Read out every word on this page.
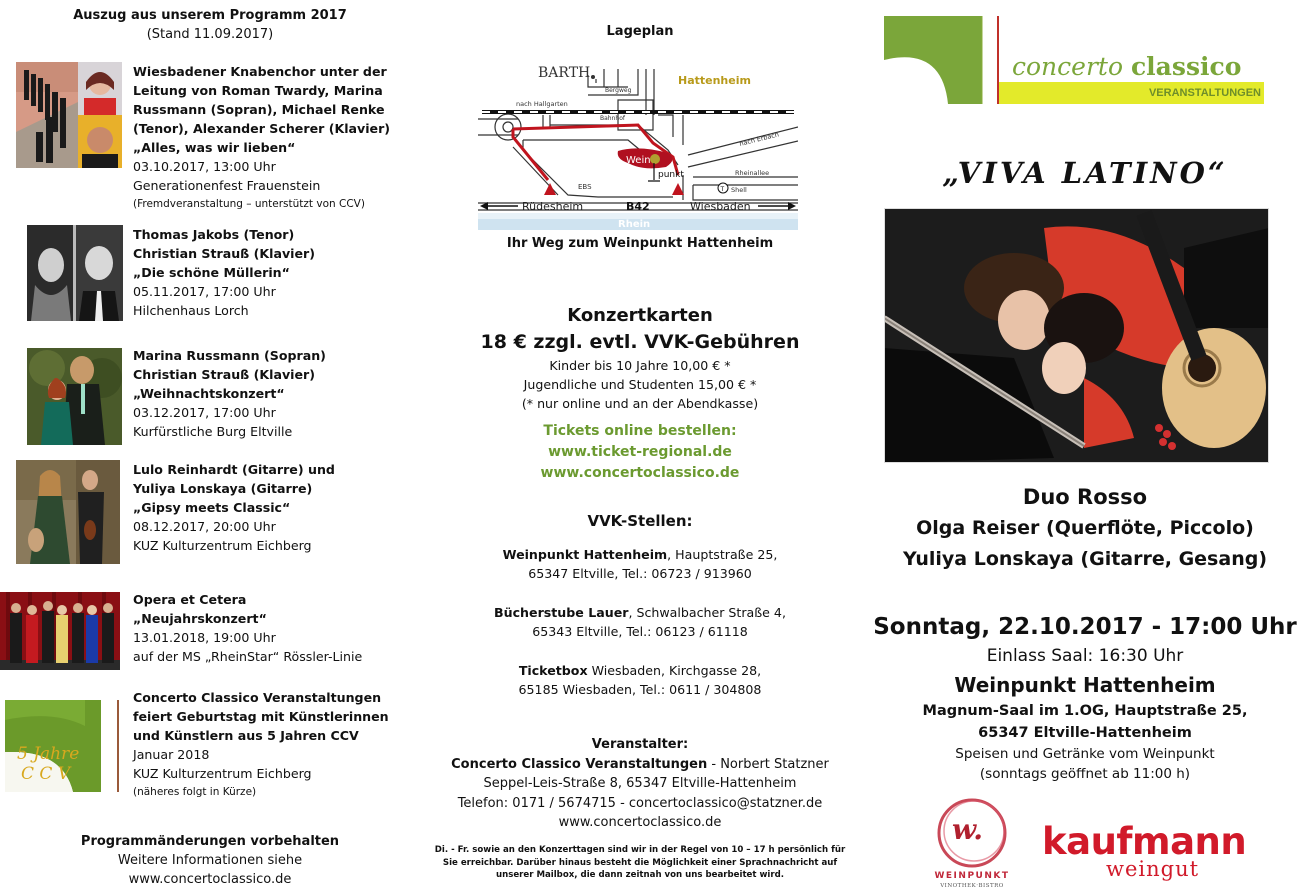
Auszug aus unserem Programm 2017
(Stand 11.09.2017)
Wiesbadener Knabenchor unter der
Leitung von Roman Twardy, Marina
Russmann (Sopran), Michael Renke
(Tenor), Alexander Scherer (Klavier)
„Alles, was wir lieben“
03.10.2017, 13:00 Uhr
Generationenfest Frauenstein
(Fremdveranstaltung – unterstützt von CCV)
Thomas Jakobs (Tenor)
Christian Strauß (Klavier)
„Die schöne Müllerin“
05.11.2017, 17:00 Uhr
Hilchenhaus Lorch
Marina Russmann (Sopran)
Christian Strauß (Klavier)
„Weihnachtskonzert“
03.12.2017, 17:00 Uhr
Kurfürstliche Burg Eltville
Lulo Reinhardt (Gitarre) und
Yuliya Lonskaya (Gitarre)
„Gipsy meets Classic“
08.12.2017, 20:00 Uhr
KUZ Kulturzentrum Eichberg
Opera et Cetera
„Neujahrskonzert“
13.01.2018, 19:00 Uhr
auf der MS „RheinStar“ Rössler-Linie
5 Jahre
C C V
Concerto Classico Veranstaltungen
feiert Geburtstag mit Künstlerinnen
und Künstlern aus 5 Jahren CCV
Januar 2018
KUZ Kulturzentrum Eichberg
(näheres folgt in Kürze)
Programmänderungen vorbehalten
Weitere Informationen siehe
www.concertoclassico.de
Lageplan
BARTH	Hattenheim
Bergweg
nach Hallgarten
Bahnhof
nach Erbach
Wein
punkt	Rheinallee
T Shell
EBS
Rüdesheim	B42	Wiesbaden
Rhein
Ihr Weg zum Weinpunkt Hattenheim
Konzertkarten
18 € zzgl. evtl. VVK-Gebühren
Kinder bis 10 Jahre 10,00 € *
Jugendliche und Studenten 15,00 € *
(* nur online und an der Abendkasse)
Tickets online bestellen:
www.ticket-regional.de
www.concertoclassico.de
VVK-Stellen:
Weinpunkt Hattenheim, Hauptstraße 25,
65347 Eltville, Tel.: 06723 / 913960
Bücherstube Lauer, Schwalbacher Straße 4,
65343 Eltville, Tel.: 06123 / 61118
Ticketbox Wiesbaden, Kirchgasse 28,
65185 Wiesbaden, Tel.: 0611 / 304808
Veranstalter:
Concerto Classico Veranstaltungen - Norbert Statzner
Seppel-Leis-Straße 8, 65347 Eltville-Hattenheim
Telefon: 0171 / 5674715 - concertoclassico@statzner.de
www.concertoclassico.de
Di. - Fr. sowie an den Konzerttagen sind wir in der Regel von 10 – 17 h persönlich für
Sie erreichbar. Darüber hinaus besteht die Möglichkeit einer Sprachnachricht auf
unserer Mailbox, die dann zeitnah von uns bearbeitet wird.
concerto classico
VERANSTALTUNGEN
„VIVA LATINO“
Duo Rosso
Olga Reiser (Querflöte, Piccolo)
Yuliya Lonskaya (Gitarre, Gesang)
Sonntag, 22.10.2017 - 17:00 Uhr
Einlass Saal: 16:30 Uhr
Weinpunkt Hattenheim
Magnum-Saal im 1.OG, Hauptstraße 25,
65347 Eltville-Hattenheim
Speisen und Getränke vom Weinpunkt
(sonntags geöffnet ab 11:00 h)
w.
WEINPUNKT
VINOTHEK·BISTRO
kaufmann
weingut
